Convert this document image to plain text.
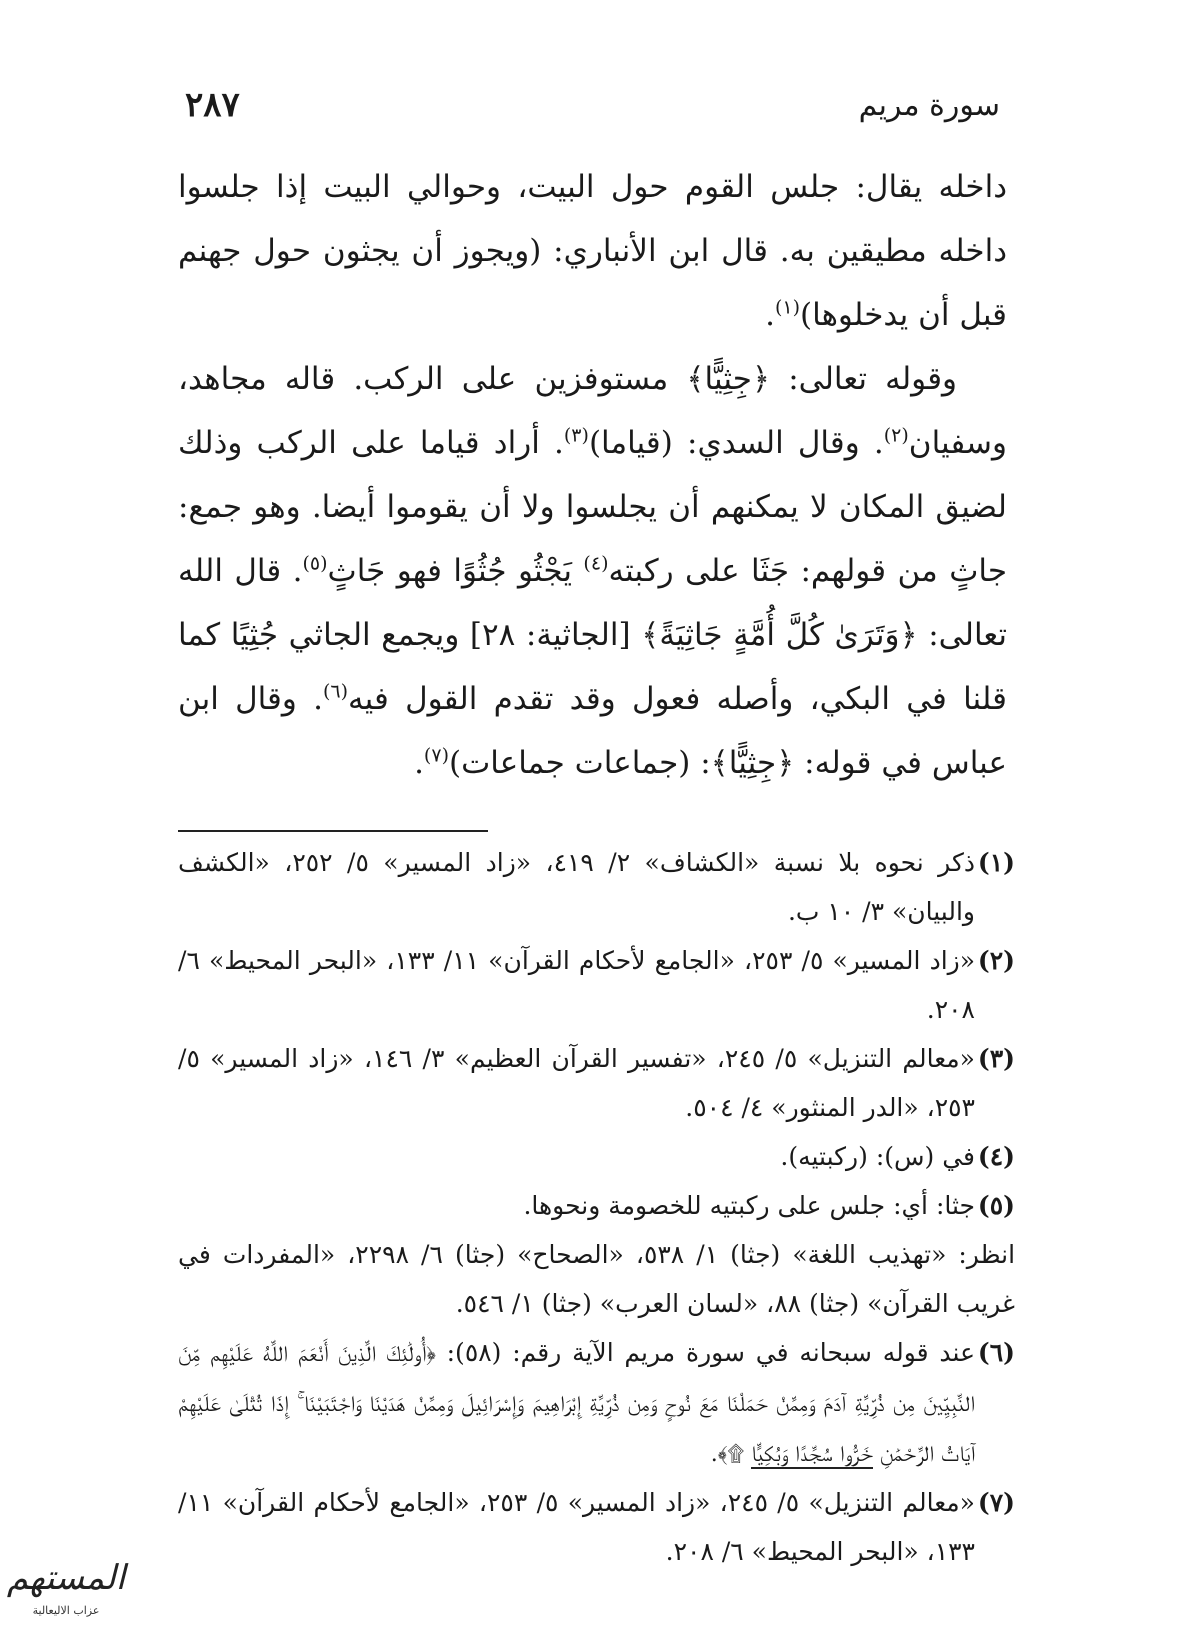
سورة مريم
٢٨٧

داخله يقال: جلس القوم حول البيت، وحوالي البيت إذا جلسوا داخله مطيقين به. قال ابن الأنباري: (ويجوز أن يجثون حول جهنم قبل أن يدخلوها)$^{(١)}$.

وقوله تعالى: ﴿جِثِيًّا﴾ مستوفزين على الركب. قاله مجاهد، وسفيان$^{(٢)}$. وقال السدي: (قياما)$^{(٣)}$. أراد قياما على الركب وذلك لضيق المكان لا يمكنهم أن يجلسوا ولا أن يقوموا أيضا. وهو جمع: جاثٍ من قولهم: جَثَا على ركبته$^{(٤)}$ يَجْثُو جُثُوًا فهو جَاثٍ$^{(٥)}$. قال الله تعالى: ﴿وَتَرَىٰ كُلَّ أُمَّةٍ جَاثِيَةً﴾ [الجاثية: ٢٨] ويجمع الجاثي جُثِيًا كما قلنا في البكي، وأصله فعول وقد تقدم القول فيه$^{(٦)}$. وقال ابن عباس في قوله: ﴿جِثِيًّا﴾: (جماعات جماعات)$^{(٧)}$.

(١)
ذكر نحوه بلا نسبة «الكشاف» ٢/ ٤١٩، «زاد المسير» ٥/ ٢٥٢، «الكشف والبيان» ٣/ ١٠ ب.
(٢)
«زاد المسير» ٥/ ٢٥٣، «الجامع لأحكام القرآن» ١١/ ١٣٣، «البحر المحيط» ٦/ ٢٠٨.
(٣)
«معالم التنزيل» ٥/ ٢٤٥، «تفسير القرآن العظيم» ٣/ ١٤٦، «زاد المسير» ٥/ ٢٥٣، «الدر المنثور» ٤/ ٥٠٤.
(٤)
في (س): (ركبتيه).
(٥)
جثا: أي: جلس على ركبتيه للخصومة ونحوها.

انظر: «تهذيب اللغة» (جثا) ١/ ٥٣٨، «الصحاح» (جثا) ٦/ ٢٢٩٨، «المفردات في غريب القرآن» (جثا) ٨٨، «لسان العرب» (جثا) ١/ ٥٤٦.

(٦)
عند قوله سبحانه في سورة مريم الآية رقم: (٥٨): ﴿أُولَٰئِكَ الَّذِينَ أَنْعَمَ اللَّهُ عَلَيْهِم مِّنَ النَّبِيِّينَ مِن ذُرِّيَّةِ آدَمَ وَمِمَّنْ حَمَلْنَا مَعَ نُوحٍ وَمِن ذُرِّيَّةِ إِبْرَاهِيمَ وَإِسْرَائِيلَ وَمِمَّنْ هَدَيْنَا وَاجْتَبَيْنَا ۚ إِذَا تُتْلَىٰ عَلَيْهِمْ آيَاتُ الرَّحْمَٰنِ خَرُّوا سُجَّدًا وَبُكِيًّا ۩﴾.
(٧)
«معالم التنزيل» ٥/ ٢٤٥، «زاد المسير» ٥/ ٢٥٣، «الجامع لأحكام القرآن» ١١/ ١٣٣، «البحر المحيط» ٦/ ٢٠٨.
المستهم
عزاب الاليعالية
